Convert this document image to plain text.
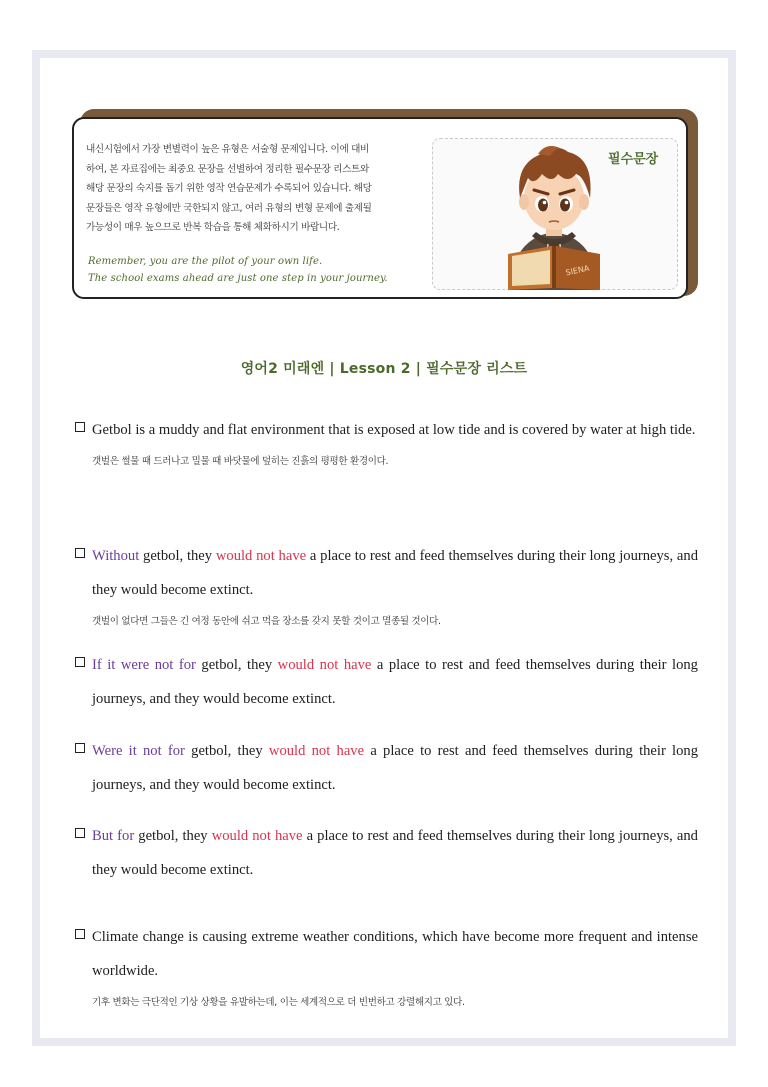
내신시험에서 가장 변별력이 높은 유형은 서술형 문제입니다. 이에 대비
하여, 본 자료집에는 최중요 문장을 선별하여 정리한 필수문장 리스트와
해당 문장의 숙지를 돕기 위한 영작 연습문제가 수록되어 있습니다. 해당
문장들은 영작 유형에만 국한되지 않고, 여러 유형의 변형 문제에 출제될
가능성이 매우 높으므로 반복 학습을 통해 체화하시기 바랍니다.
Remember, you are the pilot of your own life.
The school exams ahead are just one step in your journey.
필수문장
SIENA
영어2 미래엔 | Lesson 2 | 필수문장 리스트
Getbol is a muddy and flat environment that is exposed at low tide and is covered by water at high tide.
갯벌은 썰물 때 드러나고 밀물 때 바닷물에 덮히는 진흙의 평평한 환경이다.
Without getbol, they would not have a place to rest and feed themselves during their long journeys, and they would become extinct.
갯벌이 없다면 그들은 긴 여정 동안에 쉬고 먹을 장소를 갖지 못할 것이고 멸종될 것이다.
If it were not for getbol, they would not have a place to rest and feed themselves during their long journeys, and they would become extinct.
Were it not for getbol, they would not have a place to rest and feed themselves during their long journeys, and they would become extinct.
But for getbol, they would not have a place to rest and feed themselves during their long journeys, and they would become extinct.
Climate change is causing extreme weather conditions, which have become more frequent and intense worldwide.
기후 변화는 극단적인 기상 상황을 유발하는데, 이는 세계적으로 더 빈번하고 강렬해지고 있다.
